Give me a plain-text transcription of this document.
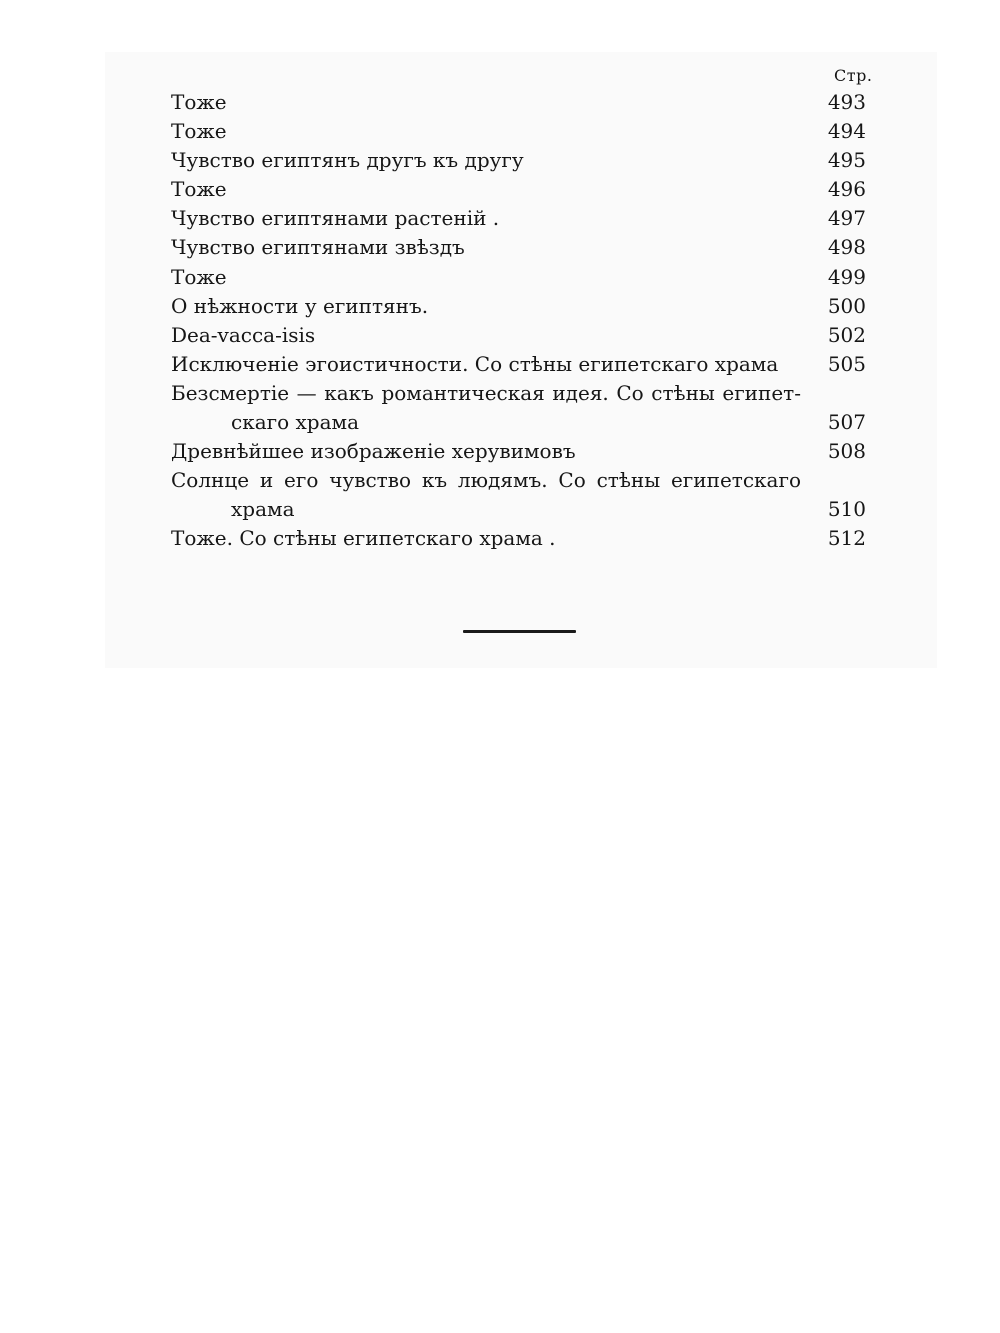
Стр.
Тоже	493
Тоже	494
Чувство египтянъ другъ къ другу	495
Тоже	496
Чувство египтянами растенiй .	497
Чувство египтянами звѣздъ	498
Тоже	499
О нѣжности у египтянъ.	500
Dea-vacca-isis	502
Исключенiе эгоистичности. Со стѣны египетскаго храма 505
Безсмертiе — какъ романтическая идея. Со стѣны египет-
скаго храма	507
Древнѣйшее изображенiе херувимовъ	508
Солнце и его чувство къ людямъ. Со стѣны египетскаго
храма	510
Тоже. Со стѣны египетскаго храма .	512
